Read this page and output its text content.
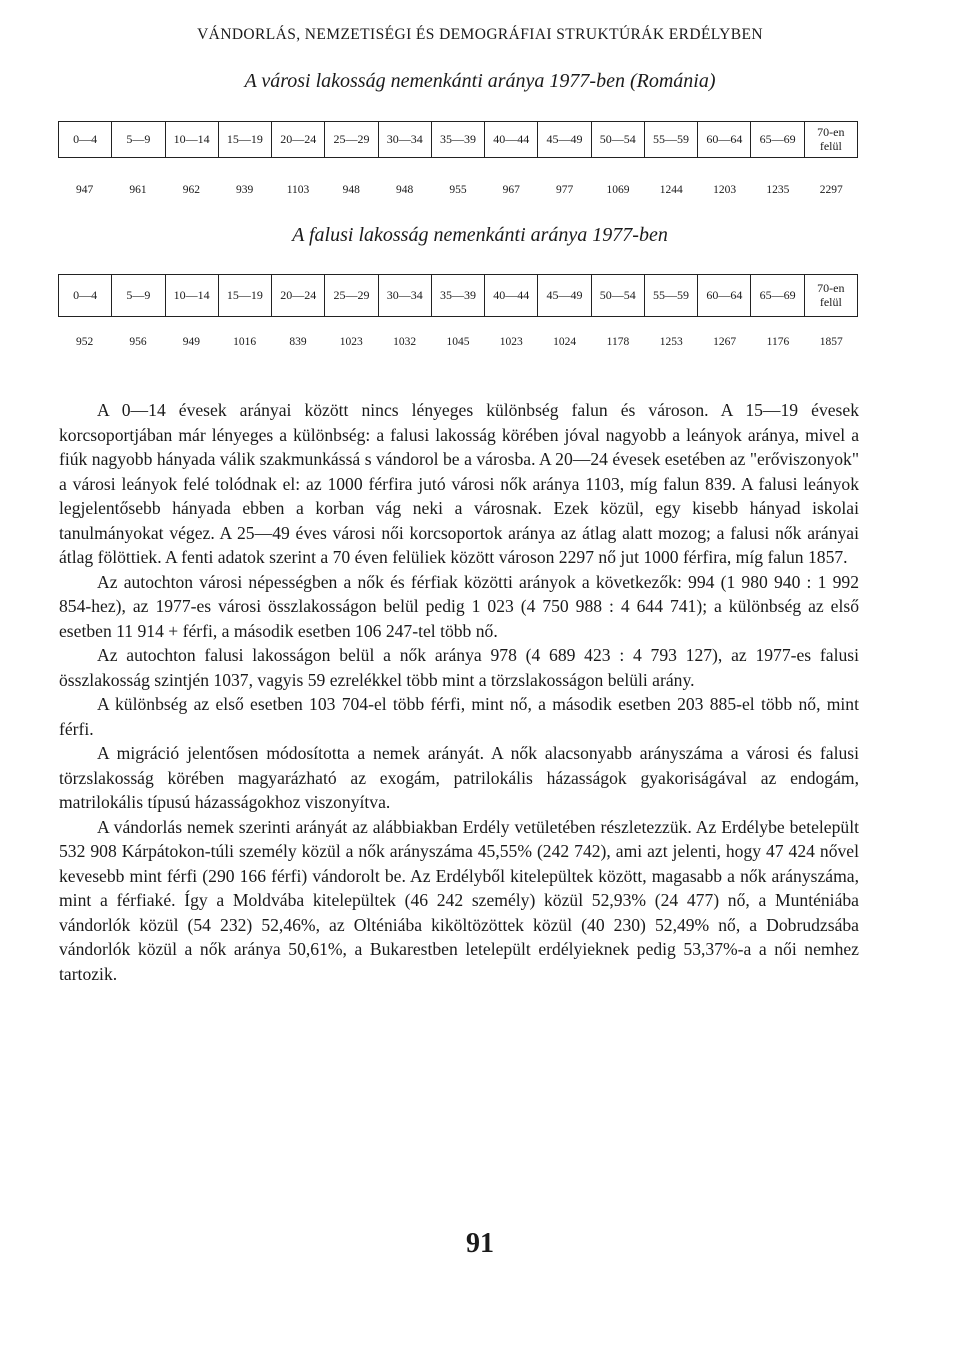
VÁNDORLÁS, NEMZETISÉGI ÉS DEMOGRÁFIAI STRUKTÚRÁK ERDÉLYBEN
A városi lakosság nemenkánti aránya 1977-ben (Románia)
0—4	5—9	10—14	15—19	20—24	25—29	30—34	35—39	40—44	45—49	50—54	55—59	60—64	65—69	70-en felül
947	961	962	939	1103	948	948	955	967	977	1069	1244	1203	1235	2297
A falusi lakosság nemenkánti aránya 1977-ben
0—4	5—9	10—14	15—19	20—24	25—29	30—34	35—39	40—44	45—49	50—54	55—59	60—64	65—69	70-en felül
952	956	949	1016	839	1023	1032	1045	1023	1024	1178	1253	1267	1176	1857

A 0—14 évesek arányai között nincs lényeges különbség falun és városon. A 15—19 évesek korcsoportjában már lényeges a különbség: a falusi lakosság körében jóval nagyobb a leányok aránya, mivel a fiúk nagyobb hányada válik szakmunkássá s vándorol be a városba. A 20—24 évesek esetében az "erőviszonyok" a városi leányok felé tolódnak el: az 1000 férfira jutó városi nők aránya 1103, míg falun 839. A falusi leányok legjelentősebb hányada ebben a korban vág neki a városnak. Ezek közül, egy kisebb hányad iskolai tanulmányokat végez. A 25—49 éves városi női korcsoportok aránya az átlag alatt mozog; a falusi nők arányai átlag fölöttiek. A fenti adatok szerint a 70 éven felüliek között városon 2297 nő jut 1000 férfira, míg falun 1857.

Az autochton városi népességben a nők és férfiak közötti arányok a következők: 994 (1 980 940 : 1 992 854-hez), az 1977-es városi összlakosságon belül pedig 1 023 (4 750 988 : 4 644 741); a különbség az első esetben 11 914 + férfi, a második esetben 106 247-tel több nő.

Az autochton falusi lakosságon belül a nők aránya 978 (4 689 423 : 4 793 127), az 1977-es falusi összlakosság szintjén 1037, vagyis 59 ezrelékkel több mint a törzslakosságon belüli arány.

A különbség az első esetben 103 704-el több férfi, mint nő, a második esetben 203 885-el több nő, mint férfi.

A migráció jelentősen módosította a nemek arányát. A nők alacsonyabb arányszáma a városi és falusi törzslakosság körében magyarázható az exogám, patrilokális házasságok gyakoriságával az endogám, matrilokális típusú házasságokhoz viszonyítva.

A vándorlás nemek szerinti arányát az alábbiakban Erdély vetületében részletezzük. Az Erdélybe betelepült 532 908 Kárpátokon-túli személy közül a nők arányszáma 45,55% (242 742), ami azt jelenti, hogy 47 424 nővel kevesebb mint férfi (290 166 férfi) vándorolt be. Az Erdélyből kitelepültek között, magasabb a nők arányszáma, mint a férfiaké. Így a Moldvába kitelepültek (46 242 személy) közül 52,93% (24 477) nő, a Munténiába vándorlók közül (54 232) 52,46%, az Olténiába kiköltözöttek közül (40 230) 52,49% nő, a Dobrudzsába vándorlók közül a nők aránya 50,61%, a Bukarestben letelepült erdélyieknek pedig 53,37%-a a női nemhez tartozik.

91
